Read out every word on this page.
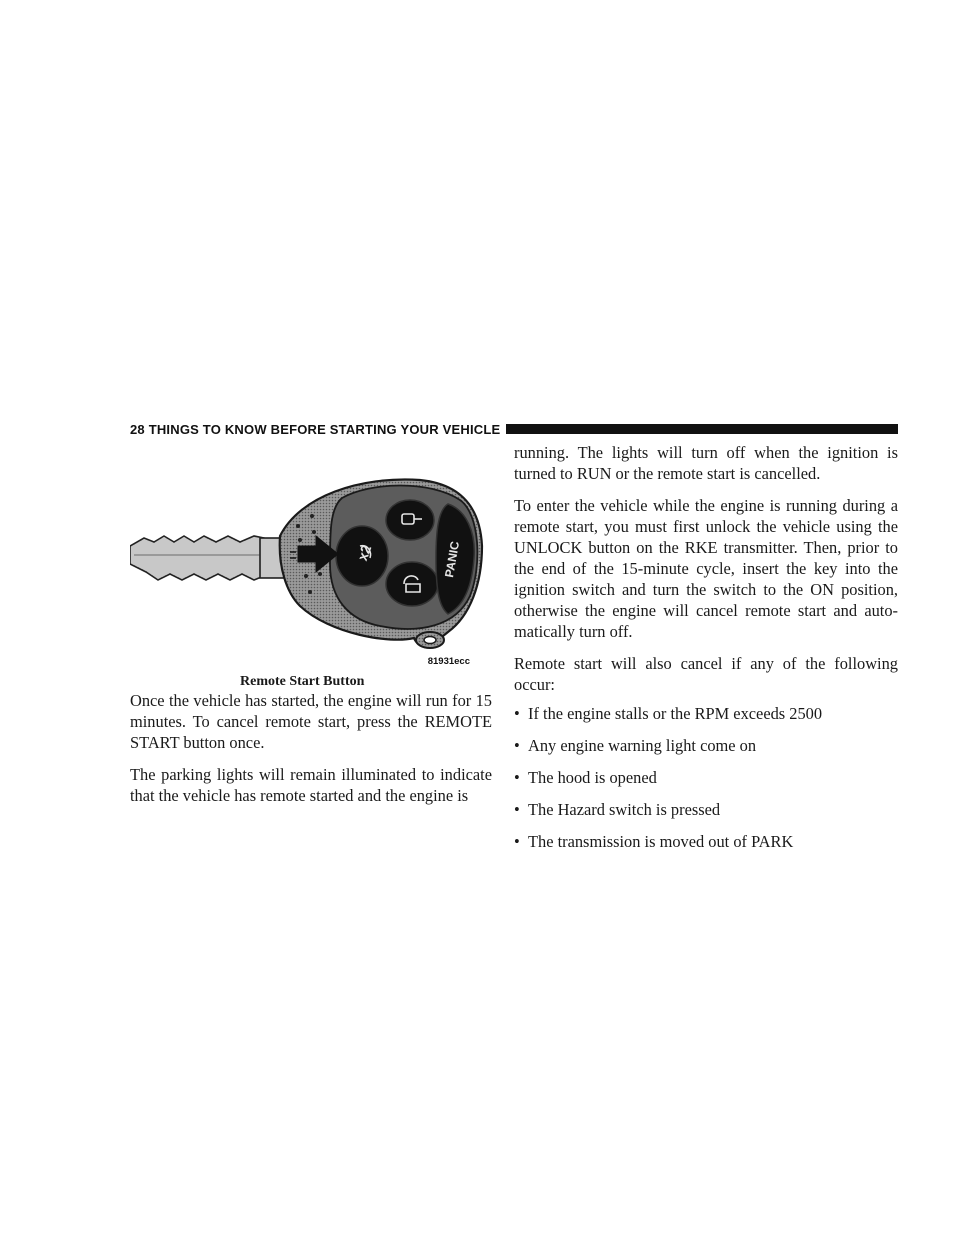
28 THINGS TO KNOW BEFORE STARTING YOUR VEHICLE
x2	PANIC
81931ecc
Remote Start Button

Once the vehicle has started, the engine will run for 15 minutes. To cancel remote start, press the REMOTE START button once.

The parking lights will remain illuminated to indicate that the vehicle has remote started and the engine is

running. The lights will turn off when the ignition is turned to RUN or the remote start is cancelled.

To enter the vehicle while the engine is running during a remote start, you must first unlock the vehicle using the UNLOCK button on the RKE transmitter. Then, prior to the end of the 15-minute cycle, insert the key into the ignition switch and turn the switch to the ON position, otherwise the engine will cancel remote start and auto-matically turn off.

Remote start will also cancel if any of the following occur:

• If the engine stalls or the RPM exceeds 2500
• Any engine warning light come on
• The hood is opened
• The Hazard switch is pressed
• The transmission is moved out of PARK
